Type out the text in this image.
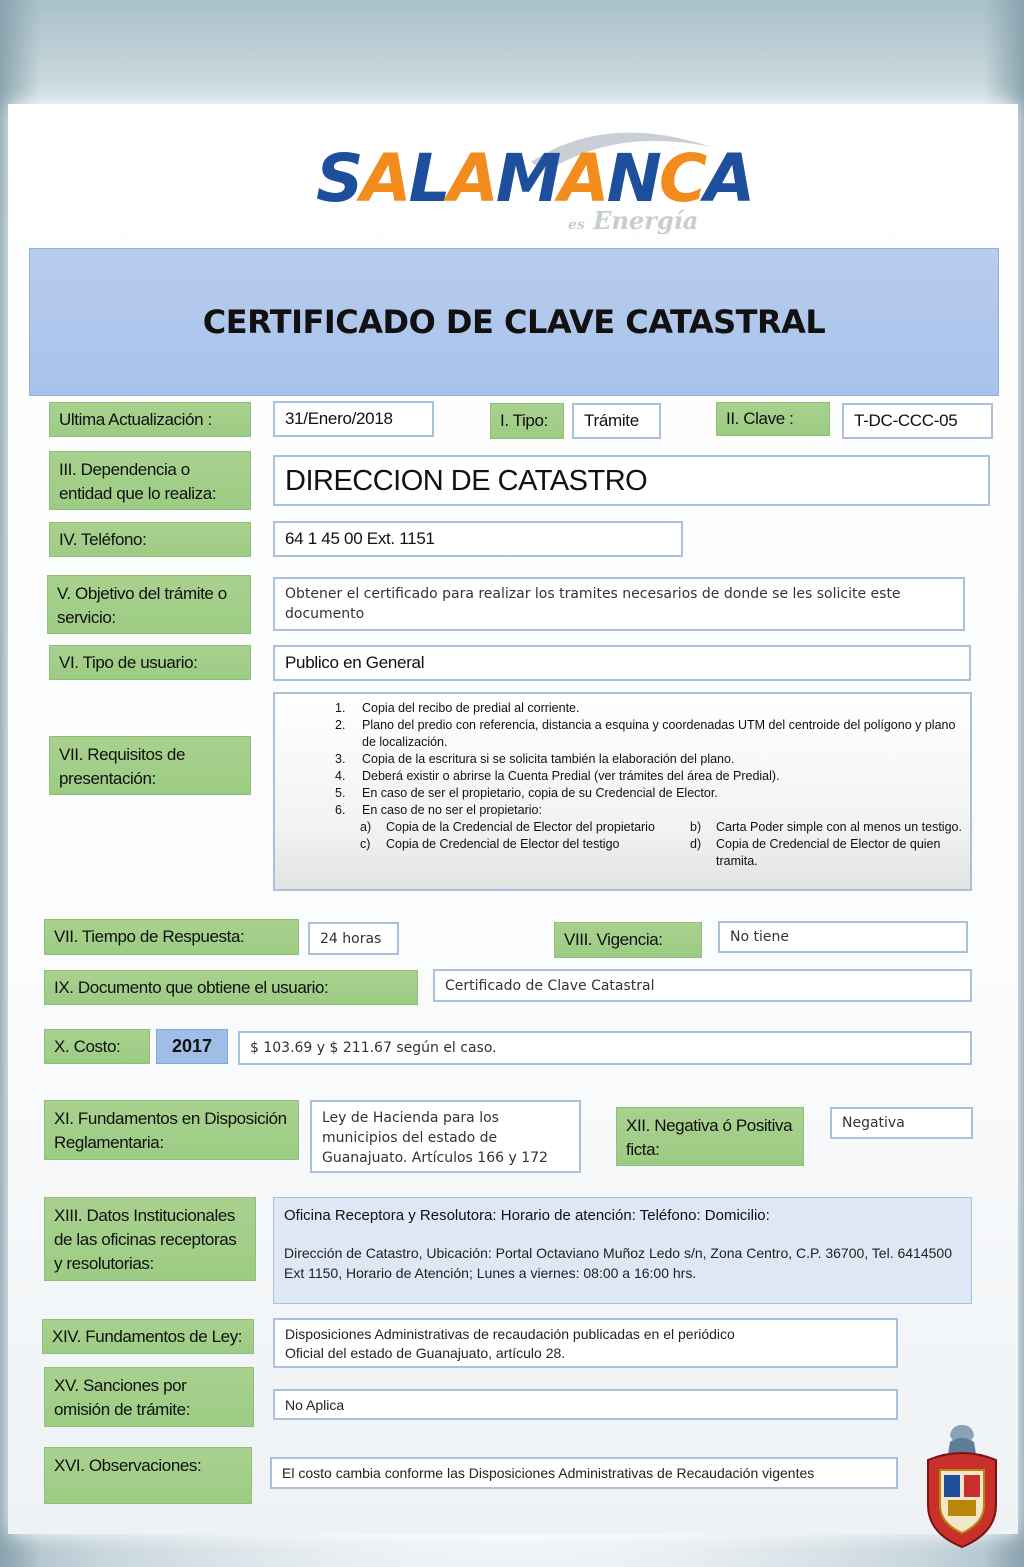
SALAMANCA
es Energía
CERTIFICADO DE CLAVE CATASTRAL
Ultima Actualización :	31/Enero/2018	I. Tipo:	Trámite	II. Clave :	T-DC-CCC-05
III. Dependencia o entidad que lo realiza:	DIRECCION DE CATASTRO
IV. Teléfono:	64 1 45 00 Ext. 1151
V. Objetivo del trámite o servicio:
Obtener el certificado para realizar los tramites necesarios de donde se les solicite este documento
VI. Tipo de usuario:	Publico en General
VII. Requisitos de presentación:
1. Copia del recibo de predial al corriente.
2. Plano del predio con referencia, distancia a esquina y coordenadas UTM del centroide del polígono y plano de localización.
3. Copia de la escritura si se solicita también la elaboración del plano.
4. Deberá existir o abrirse la Cuenta Predial (ver trámites del área de Predial).
5. En caso de ser el propietario, copia de su Credencial de Elector.
6. En caso de no ser el propietario:
a) Copia de la Credencial de Elector del propietario	b) Carta Poder simple con al menos un testigo.
c) Copia de Credencial de Elector del testigo	d) Copia de Credencial de Elector de quien tramita.
VII. Tiempo de Respuesta:	24 horas	VIII. Vigencia:	No tiene
IX. Documento que obtiene el usuario:	Certificado de Clave Catastral
X. Costo:	2017	$ 103.69 y $ 211.67 según el caso.
XI. Fundamentos en Disposición Reglamentaria:
Ley de Hacienda para los municipios del estado de Guanajuato. Artículos 166 y 172
XII. Negativa ó Positiva ficta:
Negativa
XIII. Datos Institucionales de las oficinas receptoras y resolutorias:
Oficina Receptora y Resolutora: Horario de atención: Teléfono: Domicilio:
Dirección de Catastro, Ubicación: Portal Octaviano Muñoz Ledo s/n, Zona Centro, C.P. 36700, Tel. 6414500 Ext 1150, Horario de Atención; Lunes a viernes: 08:00 a 16:00 hrs.
XIV. Fundamentos de Ley:	Disposiciones Administrativas de recaudación publicadas en el periódico
Oficial del estado de Guanajuato, artículo 28.
XV. Sanciones por omisión de trámite:	No Aplica
XVI. Observaciones:	El costo cambia conforme las Disposiciones Administrativas de Recaudación vigentes
